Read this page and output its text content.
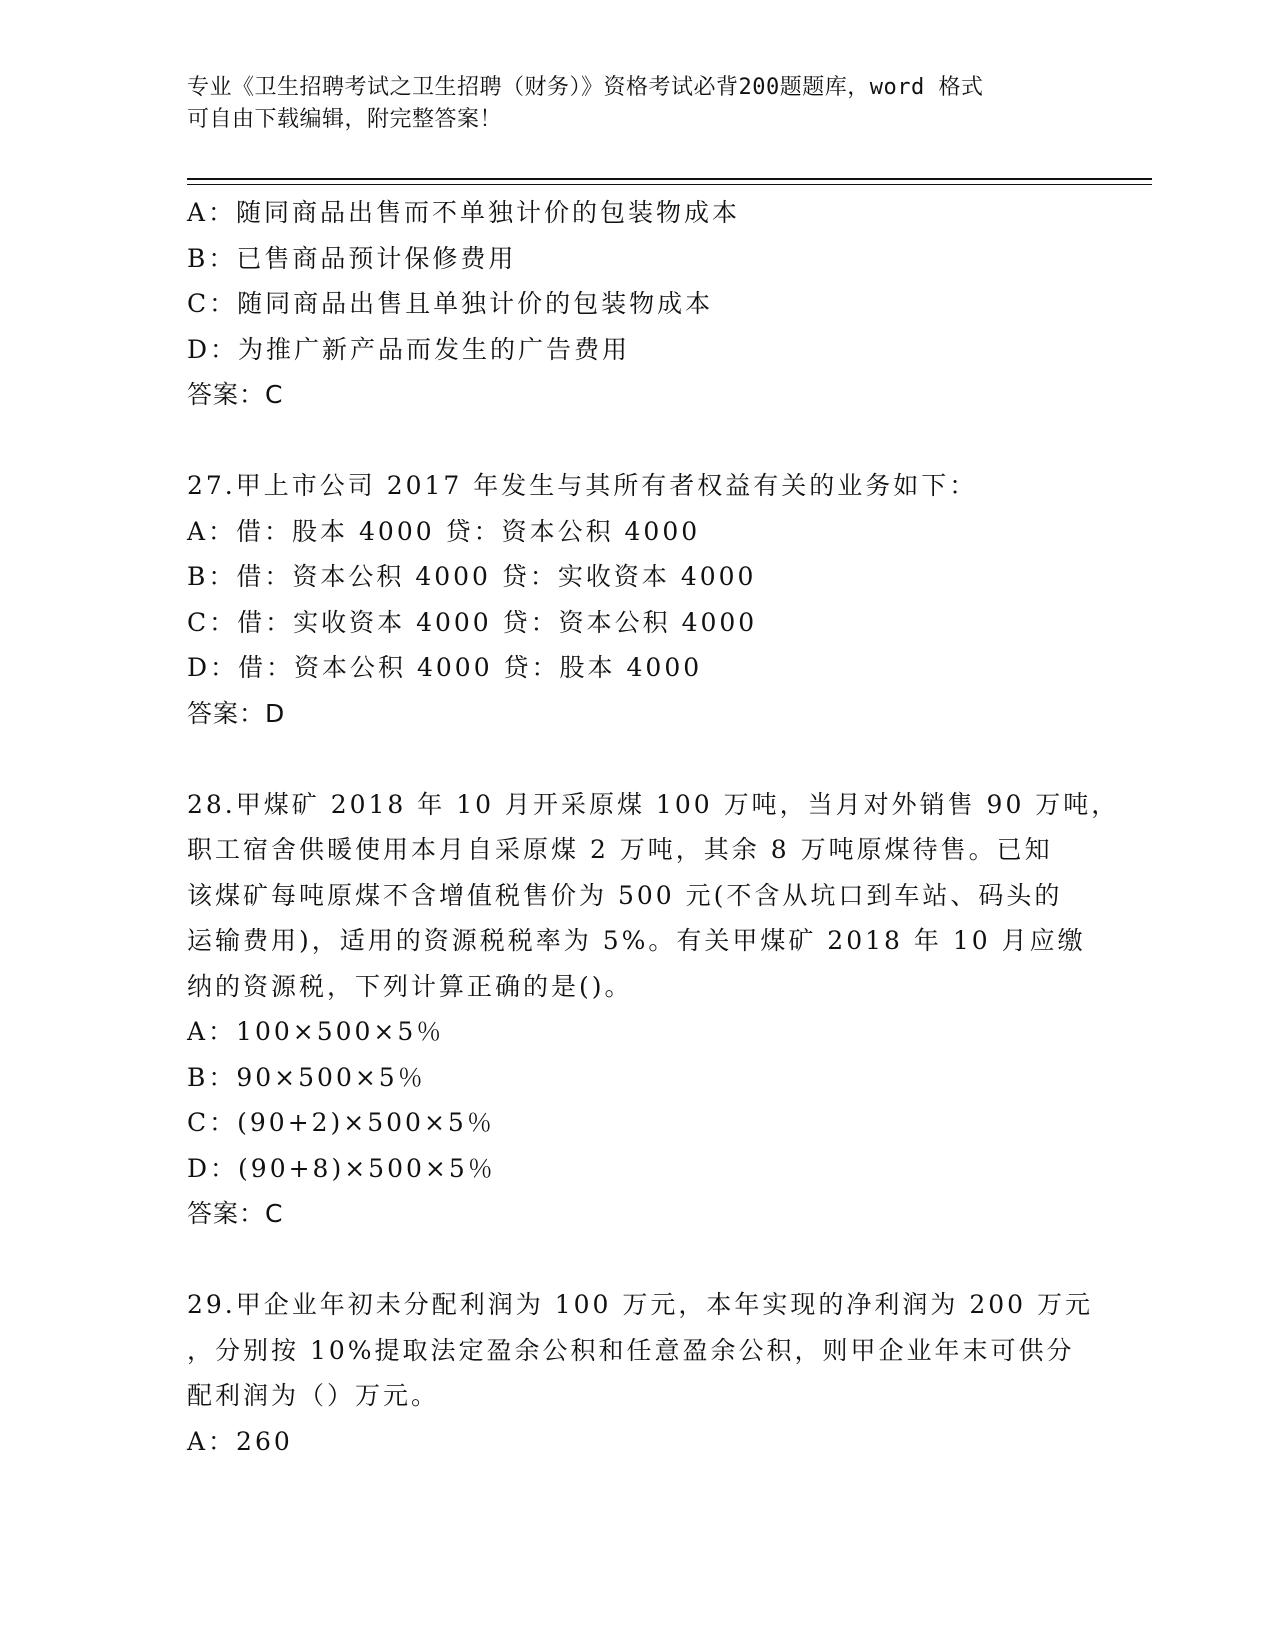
专业《卫生招聘考试之卫生招聘（财务）》资格考试必背200题题库，word 格式
可自由下载编辑，附完整答案！
A：随同商品出售而不单独计价的包装物成本
B：已售商品预计保修费用
C：随同商品出售且单独计价的包装物成本
D：为推广新产品而发生的广告费用
答案：C
27.甲上市公司 2017 年发生与其所有者权益有关的业务如下：
A：借：股本 4000 贷：资本公积 4000
B：借：资本公积 4000 贷：实收资本 4000
C：借：实收资本 4000 贷：资本公积 4000
D：借：资本公积 4000 贷：股本 4000
答案：D
28.甲煤矿 2018 年 10 月开采原煤 100 万吨，当月对外销售 90 万吨，
职工宿舍供暖使用本月自采原煤 2 万吨，其余 8 万吨原煤待售。已知
该煤矿每吨原煤不含增值税售价为 500 元(不含从坑口到车站、码头的
运输费用)，适用的资源税税率为 5%。有关甲煤矿 2018 年 10 月应缴
纳的资源税，下列计算正确的是()。
A：100×500×5％
B：90×500×5％
C：(90+2)×500×5％
D：(90+8)×500×5％
答案：C
29.甲企业年初未分配利润为 100 万元，本年实现的净利润为 200 万元
，分别按 10%提取法定盈余公积和任意盈余公积，则甲企业年末可供分
配利润为（）万元。
A：260
